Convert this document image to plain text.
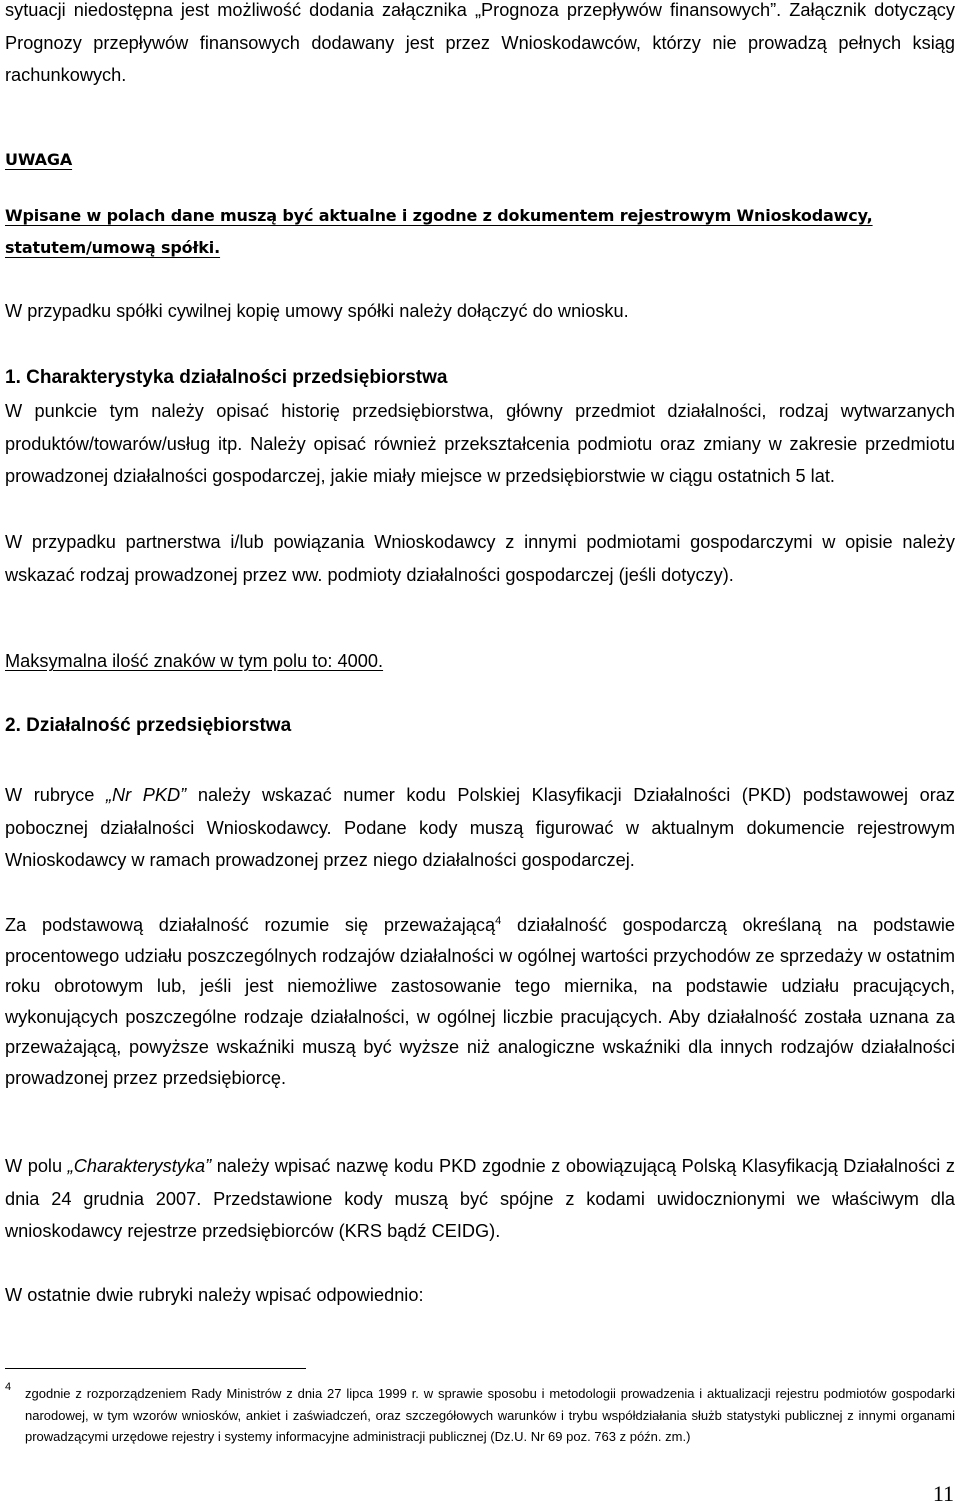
sytuacji niedostępna jest możliwość dodania załącznika „Prognoza przepływów finansowych”. Załącznik dotyczący Prognozy przepływów finansowych dodawany jest przez Wnioskodawców, którzy nie prowadzą pełnych ksiąg rachunkowych.

UWAGA

Wpisane w polach dane muszą być aktualne i zgodne z dokumentem rejestrowym Wnioskodawcy, statutem/umową spółki.

W przypadku spółki cywilnej kopię umowy spółki należy dołączyć do wniosku.

1. Charakterystyka działalności przedsiębiorstwa

W punkcie tym należy opisać historię przedsiębiorstwa, główny przedmiot działalności, rodzaj wytwarzanych produktów/towarów/usług itp. Należy opisać również przekształcenia podmiotu oraz zmiany w zakresie przedmiotu prowadzonej działalności gospodarczej, jakie miały miejsce w przedsiębiorstwie w ciągu ostatnich 5 lat.

W przypadku partnerstwa i/lub powiązania Wnioskodawcy z innymi podmiotami gospodarczymi w opisie należy wskazać rodzaj prowadzonej przez ww. podmioty działalności gospodarczej (jeśli dotyczy).

Maksymalna ilość znaków w tym polu to: 4000.

2. Działalność przedsiębiorstwa

W rubryce „Nr PKD” należy wskazać numer kodu Polskiej Klasyfikacji Działalności (PKD) podstawowej oraz pobocznej działalności Wnioskodawcy. Podane kody muszą figurować w aktualnym dokumencie rejestrowym Wnioskodawcy w ramach prowadzonej przez niego działalności gospodarczej.

Za podstawową działalność rozumie się przeważającą$^4$ działalność gospodarczą określaną na podstawie procentowego udziału poszczególnych rodzajów działalności w ogólnej wartości przychodów ze sprzedaży w ostatnim roku obrotowym lub, jeśli jest niemożliwe zastosowanie tego miernika, na podstawie udziału pracujących, wykonujących poszczególne rodzaje działalności, w ogólnej liczbie pracujących. Aby działalność została uznana za przeważającą, powyższe wskaźniki muszą być wyższe niż analogiczne wskaźniki dla innych rodzajów działalności prowadzonej przez przedsiębiorcę.

W polu „Charakterystyka” należy wpisać nazwę kodu PKD zgodnie z obowiązującą Polską Klasyfikacją Działalności z dnia 24 grudnia 2007. Przedstawione kody muszą być spójne z kodami uwidocznionymi we właściwym dla wnioskodawcy rejestrze przedsiębiorców (KRS bądź CEIDG).

W ostatnie dwie rubryki należy wpisać odpowiednio:

4 zgodnie z rozporządzeniem Rady Ministrów z dnia 27 lipca 1999 r. w sprawie sposobu i metodologii prowadzenia i aktualizacji rejestru podmiotów gospodarki narodowej, w tym wzorów wniosków, ankiet i zaświadczeń, oraz szczegółowych warunków i trybu współdziałania służb statystyki publicznej z innymi organami prowadzącymi urzędowe rejestry i systemy informacyjne administracji publicznej (Dz.U. Nr 69 poz. 763 z późn. zm.)

11
